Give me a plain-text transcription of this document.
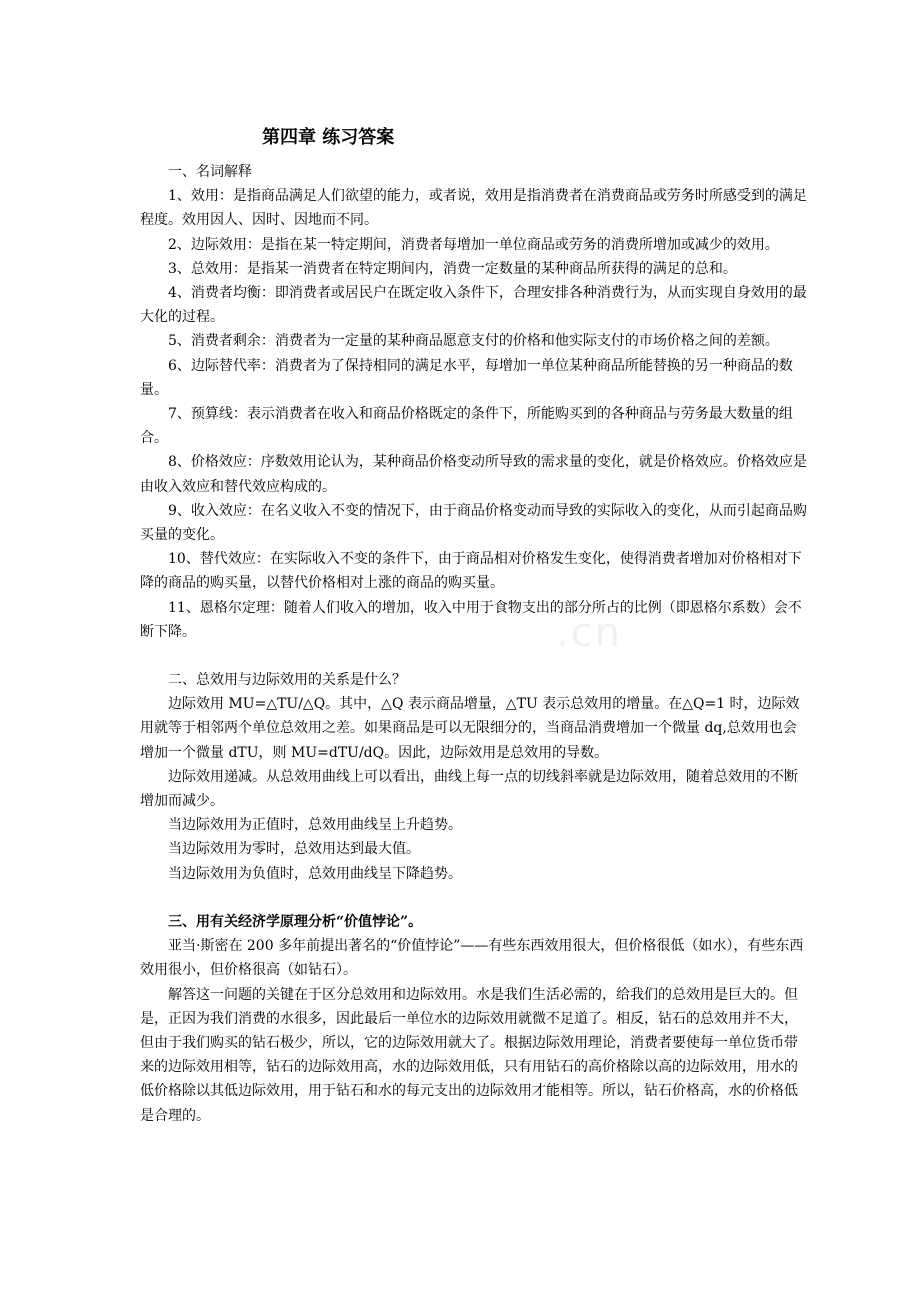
第四章 练习答案
.cn

一、名词解释

1、效用：是指商品满足人们欲望的能力，或者说，效用是指消费者在消费商品或劳务时所感受到的满足程度。效用因人、因时、因地而不同。

2、边际效用：是指在某一特定期间，消费者每增加一单位商品或劳务的消费所增加或减少的效用。

3、总效用：是指某一消费者在特定期间内，消费一定数量的某种商品所获得的满足的总和。

4、消费者均衡：即消费者或居民户在既定收入条件下，合理安排各种消费行为，从而实现自身效用的最大化的过程。

5、消费者剩余：消费者为一定量的某种商品愿意支付的价格和他实际支付的市场价格之间的差额。

6、边际替代率：消费者为了保持相同的满足水平，每增加一单位某种商品所能替换的另一种商品的数量。

7、预算线：表示消费者在收入和商品价格既定的条件下，所能购买到的各种商品与劳务最大数量的组合。

8、价格效应：序数效用论认为，某种商品价格变动所导致的需求量的变化，就是价格效应。价格效应是由收入效应和替代效应构成的。

9、收入效应：在名义收入不变的情况下，由于商品价格变动而导致的实际收入的变化，从而引起商品购买量的变化。

10、替代效应：在实际收入不变的条件下，由于商品相对价格发生变化，使得消费者增加对价格相对下降的商品的购买量，以替代价格相对上涨的商品的购买量。

11、恩格尔定理：随着人们收入的增加，收入中用于食物支出的部分所占的比例（即恩格尔系数）会不断下降。

二、总效用与边际效用的关系是什么？

边际效用 MU=△TU/△Q。其中，△Q 表示商品增量，△TU 表示总效用的增量。在△Q=1 时，边际效用就等于相邻两个单位总效用之差。如果商品是可以无限细分的，当商品消费增加一个微量 dq,总效用也会增加一个微量 dTU，则 MU=dTU/dQ。因此，边际效用是总效用的导数。

边际效用递减。从总效用曲线上可以看出，曲线上每一点的切线斜率就是边际效用，随着总效用的不断增加而减少。

当边际效用为正值时，总效用曲线呈上升趋势。

当边际效用为零时，总效用达到最大值。

当边际效用为负值时，总效用曲线呈下降趋势。

三、用有关经济学原理分析“价值悖论”。

亚当·斯密在 200 多年前提出著名的“价值悖论”——有些东西效用很大，但价格很低（如水），有些东西效用很小，但价格很高（如钻石）。

解答这一问题的关键在于区分总效用和边际效用。水是我们生活必需的，给我们的总效用是巨大的。但是，正因为我们消费的水很多，因此最后一单位水的边际效用就微不足道了。相反，钻石的总效用并不大，但由于我们购买的钻石极少，所以，它的边际效用就大了。根据边际效用理论，消费者要使每一单位货币带来的边际效用相等，钻石的边际效用高，水的边际效用低，只有用钻石的高价格除以高的边际效用，用水的低价格除以其低边际效用，用于钻石和水的每元支出的边际效用才能相等。所以，钻石价格高，水的价格低是合理的。
